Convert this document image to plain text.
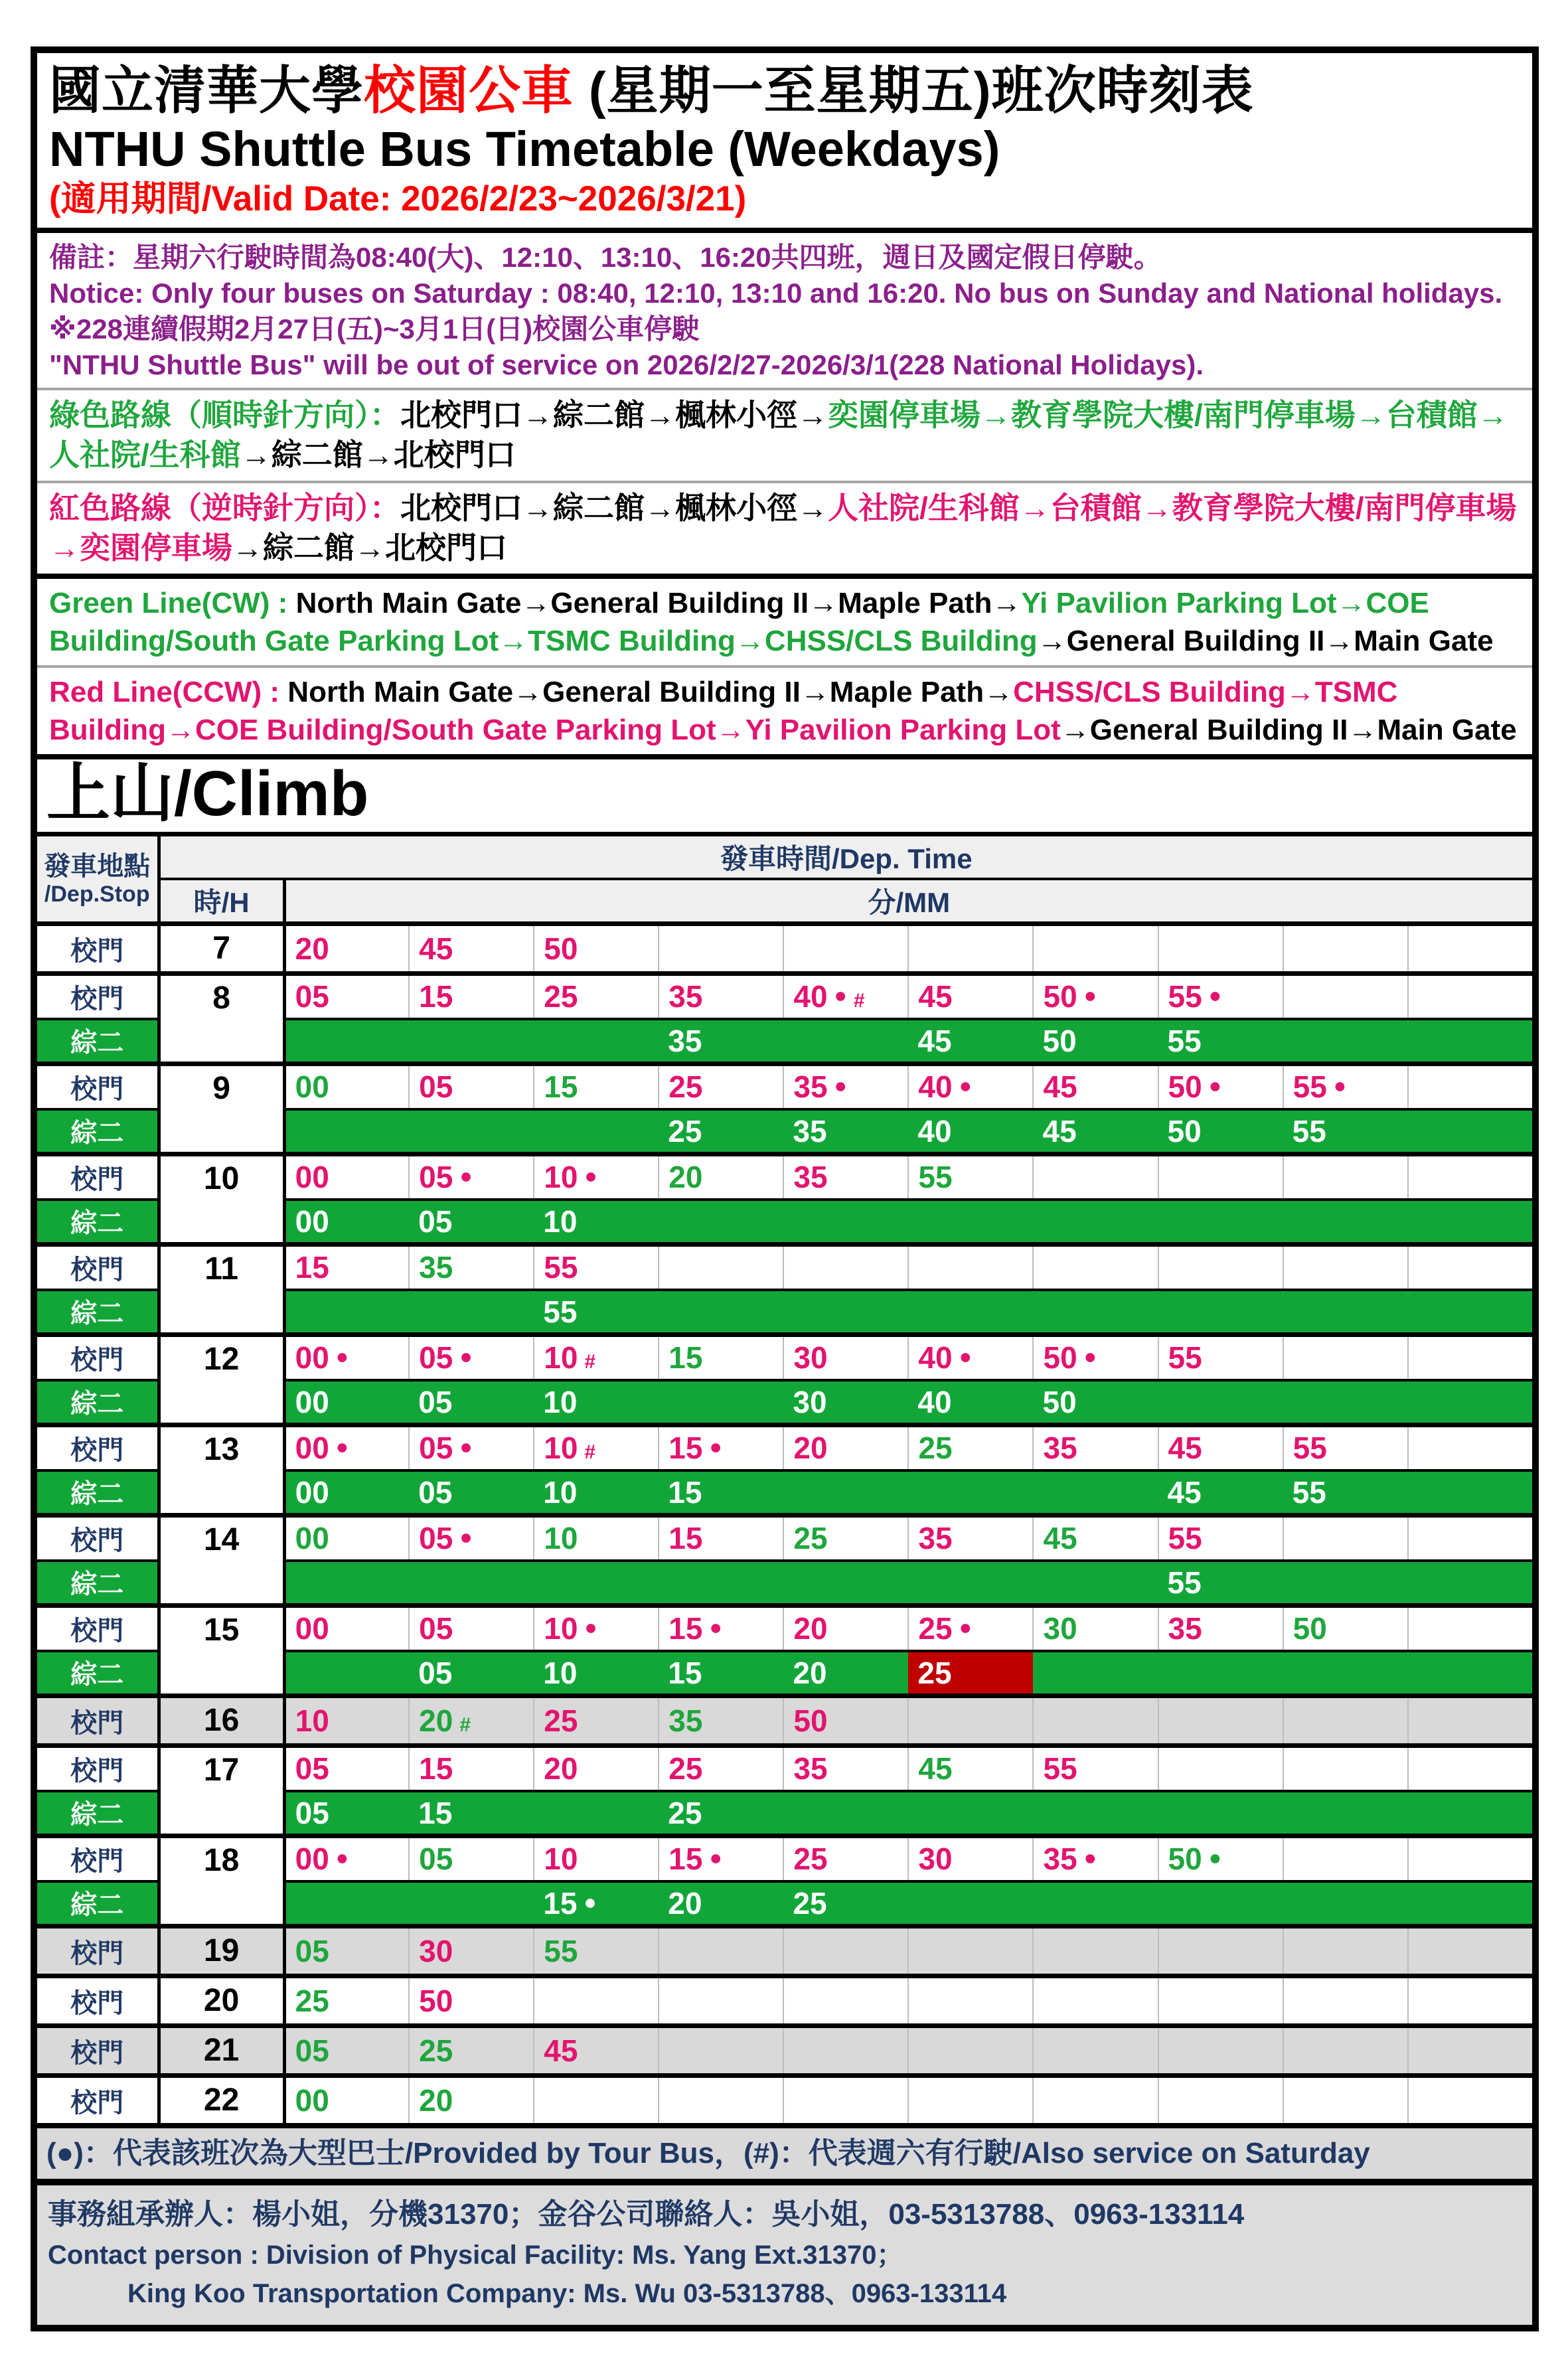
國立清華大學校園公車 (星期一至星期五)班次時刻表
NTHU Shuttle Bus Timetable (Weekdays)
(適用期間/Valid Date: 2026/2/23~2026/3/21)
備註：星期六行駛時間為08:40(大)、12:10、13:10、16:20共四班，週日及國定假日停駛。
Notice: Only four buses on Saturday : 08:40, 12:10, 13:10 and 16:20. No bus on Sunday and National holidays.
※228連續假期2月27日(五)~3月1日(日)校園公車停駛
"NTHU Shuttle Bus" will be out of service on 2026/2/27-2026/3/1(228 National Holidays).
綠色路線（順時針方向）：北校門口→綜二館→楓林小徑→奕園停車場→教育學院大樓/南門停車場→台積館→人社院/生科館→綜二館→北校門口
紅色路線（逆時針方向）：北校門口→綜二館→楓林小徑→人社院/生科館→台積館→教育學院大樓/南門停車場→奕園停車場→綜二館→北校門口
Green Line(CW) : North Main Gate→General Building II→Maple Path→Yi Pavilion Parking Lot→COE Building/South Gate Parking Lot→TSMC Building→CHSS/CLS Building→General Building II→Main Gate
Red Line(CCW) : North Main Gate→General Building II→Maple Path→CHSS/CLS Building→TSMC Building→COE Building/South Gate Parking Lot→Yi Pavilion Parking Lot→General Building II→Main Gate
上山/Climb
發車地點
/Dep.Stop	發車時間/Dep. Time										
	時/H	分/MM									
校門	7	20	45	50							
校門	8	05	15	25	35	40 ● #	45	50 ●	55 ●		
綜二					35		45	50	55		
校門	9	00	05	15	25	35 ●	40 ●	45	50 ●	55 ●	
綜二					25	35	40	45	50	55	
校門	10	00	05 ●	10 ●	20	35	55				
綜二		00	05	10							
校門	11	15	35	55							
綜二				55							
校門	12	00 ●	05 ●	10 #	15	30	40 ●	50 ●	55		
綜二		00	05	10		30	40	50			
校門	13	00 ●	05 ●	10 #	15 ●	20	25	35	45	55	
綜二		00	05	10	15				45	55	
校門	14	00	05 ●	10	15	25	35	45	55		
綜二									55		
校門	15	00	05	10 ●	15 ●	20	25 ●	30	35	50	
綜二			05	10	15	20	25				
校門	16	10	20 #	25	35	50					
校門	17	05	15	20	25	35	45	55			
綜二		05	15		25						
校門	18	00 ●	05	10	15 ●	25	30	35 ●	50 ●		
綜二				15 ●	20	25					
校門	19	05	30	55							
校門	20	25	50								
校門	21	05	25	45							
校門	22	00	20								
(●)：代表該班次為大型巴士/Provided by Tour Bus，(#)：代表週六有行駛/Also service on Saturday
事務組承辦人：楊小姐，分機31370；金谷公司聯絡人：吳小姐，03-5313788、0963-133114
Contact person : Division of Physical Facility: Ms. Yang Ext.31370；
King Koo Transportation Company: Ms. Wu 03-5313788、0963-133114
